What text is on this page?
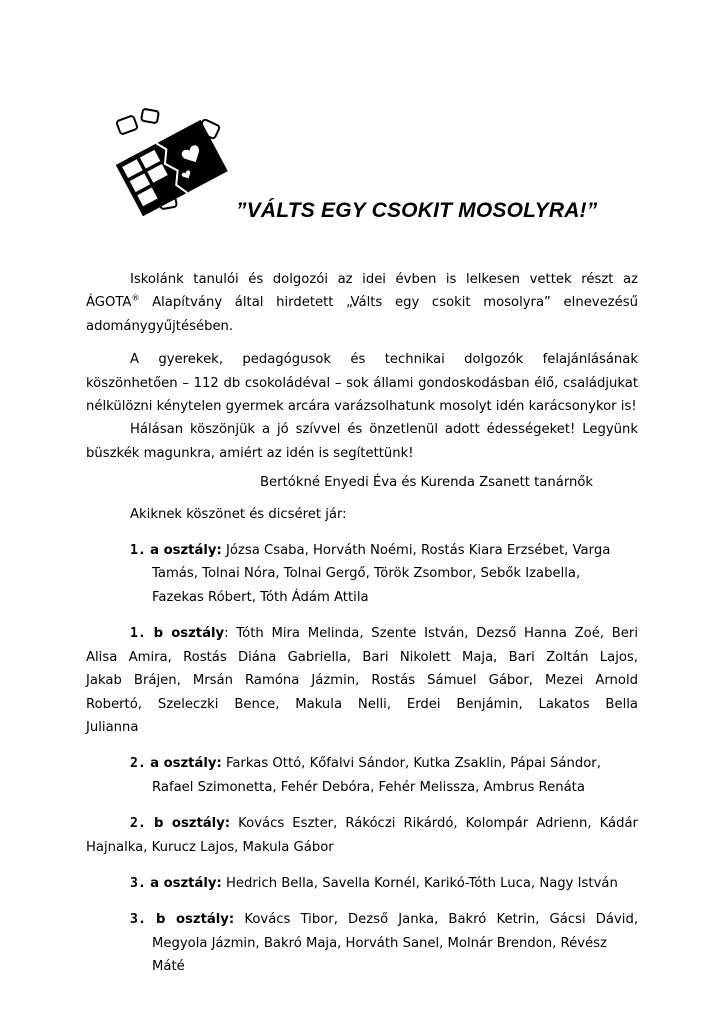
”VÁLTS EGY CSOKIT MOSOLYRA!”

Iskolánk tanulói és dolgozói az idei évben is lelkesen vettek részt az

ÁGOTA® Alapítvány által hirdetett „Válts egy csokit mosolyra” elnevezésű

adománygyűjtésében.

A gyerekek, pedagógusok és technikai dolgozók felajánlásának

köszönhetően – 112 db csokoládéval – sok állami gondoskodásban élő, családjukat

nélkülözni kénytelen gyermek arcára varázsolhatunk mosolyt idén karácsonykor is!

Hálásan köszönjük a jó szívvel és önzetlenül adott édességeket! Legyünk

büszkék magunkra, amiért az idén is segítettünk!

Bertókné Enyedi Éva és Kurenda Zsanett tanárnők

Akiknek köszönet és dicséret jár:

1. a osztály: Józsa Csaba, Horváth Noémi, Rostás Kiara Erzsébet, Varga
Tamás, Tolnai Nóra, Tolnai Gergő, Török Zsombor, Sebők Izabella,
Fazekas Róbert, Tóth Ádám Attila
1. b osztály: Tóth Mira Melinda, Szente István, Dezső Hanna Zoé, Beri
Alisa Amira, Rostás Diána Gabriella, Bari Nikolett Maja, Bari Zoltán Lajos,
Jakab Brájen, Mrsán Ramóna Jázmin, Rostás Sámuel Gábor, Mezei Arnold
Robertó, Szeleczki Bence, Makula Nelli, Erdei Benjámin, Lakatos Bella
Julianna
2. a osztály: Farkas Ottó, Kőfalvi Sándor, Kutka Zsaklin, Pápai Sándor,
Rafael Szimonetta, Fehér Debóra, Fehér Melissza, Ambrus Renáta
2. b osztály: Kovács Eszter, Rákóczi Rikárdó, Kolompár Adrienn, Kádár
Hajnalka, Kurucz Lajos, Makula Gábor
3. a osztály: Hedrich Bella, Savella Kornél, Karikó-Tóth Luca, Nagy István
3. b osztály: Kovács Tibor, Dezső Janka, Bakró Ketrin, Gácsi Dávid,
Megyola Jázmin, Bakró Maja, Horváth Sanel, Molnár Brendon, Révész Máté
